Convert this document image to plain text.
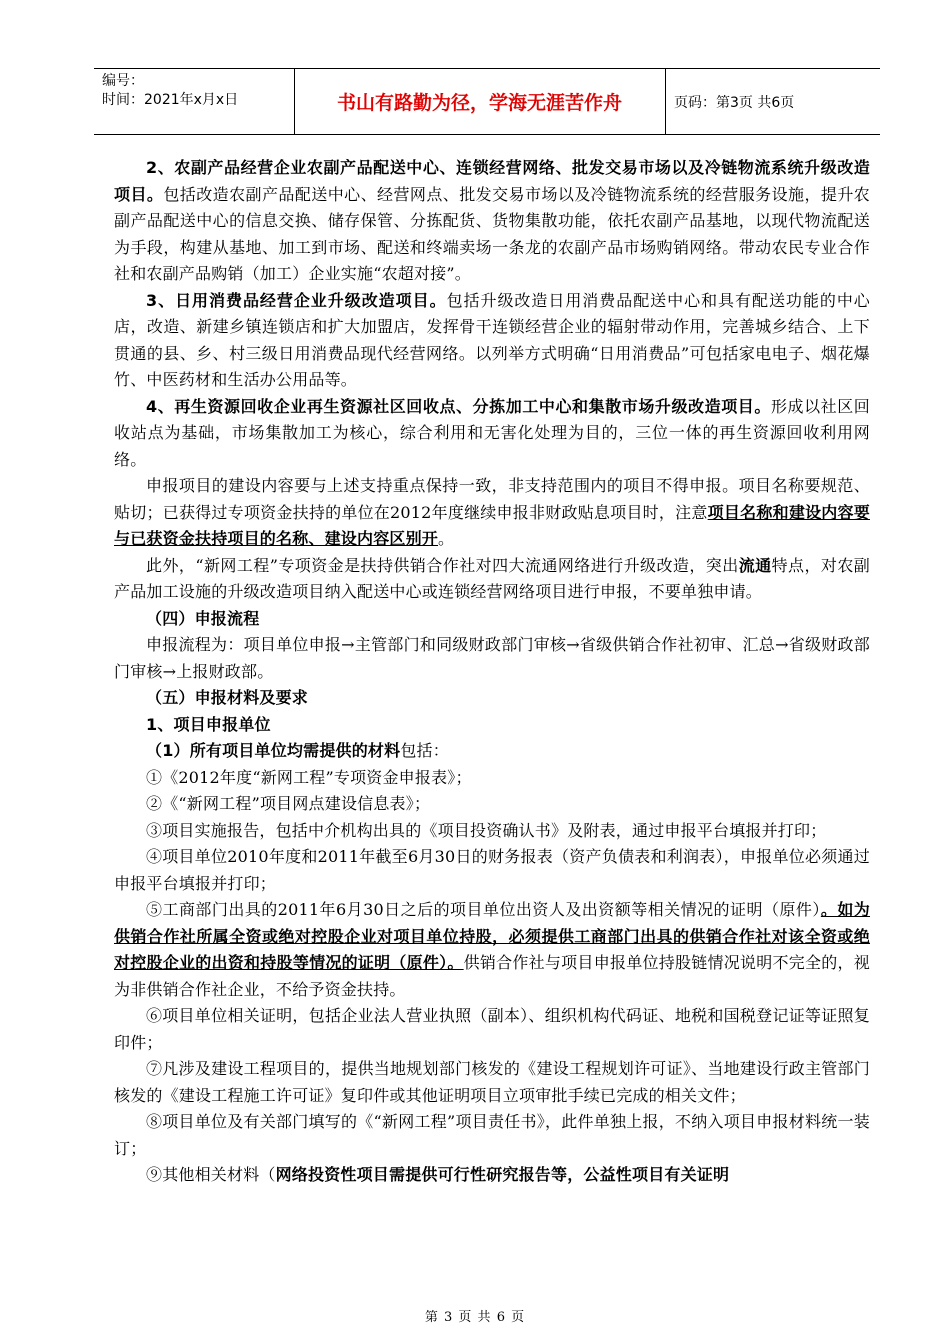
编号：
时间：2021年x月x日	书山有路勤为径，学海无涯苦作舟	页码：第3页 共6页

2、农副产品经营企业农副产品配送中心、连锁经营网络、批发交易市场以及冷链物流系统升级改造项目。包括改造农副产品配送中心、经营网点、批发交易市场以及冷链物流系统的经营服务设施，提升农副产品配送中心的信息交换、储存保管、分拣配货、货物集散功能，依托农副产品基地，以现代物流配送为手段，构建从基地、加工到市场、配送和终端卖场一条龙的农副产品市场购销网络。带动农民专业合作社和农副产品购销（加工）企业实施“农超对接”。

3、日用消费品经营企业升级改造项目。包括升级改造日用消费品配送中心和具有配送功能的中心店，改造、新建乡镇连锁店和扩大加盟店，发挥骨干连锁经营企业的辐射带动作用，完善城乡结合、上下贯通的县、乡、村三级日用消费品现代经营网络。以列举方式明确“日用消费品”可包括家电电子、烟花爆竹、中医药材和生活办公用品等。

4、再生资源回收企业再生资源社区回收点、分拣加工中心和集散市场升级改造项目。形成以社区回收站点为基础，市场集散加工为核心，综合利用和无害化处理为目的，三位一体的再生资源回收利用网络。

申报项目的建设内容要与上述支持重点保持一致，非支持范围内的项目不得申报。项目名称要规范、贴切；已获得过专项资金扶持的单位在2012年度继续申报非财政贴息项目时，注意项目名称和建设内容要与已获资金扶持项目的名称、建设内容区别开。

此外，“新网工程”专项资金是扶持供销合作社对四大流通网络进行升级改造，突出流通特点，对农副产品加工设施的升级改造项目纳入配送中心或连锁经营网络项目进行申报，不要单独申请。

（四）申报流程

申报流程为：项目单位申报→主管部门和同级财政部门审核→省级供销合作社初审、汇总→省级财政部门审核→上报财政部。

（五）申报材料及要求

1、项目申报单位

（1）所有项目单位均需提供的材料包括：

①《2012年度“新网工程”专项资金申报表》；

②《“新网工程”项目网点建设信息表》；

③项目实施报告，包括中介机构出具的《项目投资确认书》及附表，通过申报平台填报并打印；

④项目单位2010年度和2011年截至6月30日的财务报表（资产负债表和利润表），申报单位必须通过申报平台填报并打印；

⑤工商部门出具的2011年6月30日之后的项目单位出资人及出资额等相关情况的证明（原件）。如为供销合作社所属全资或绝对控股企业对项目单位持股，必须提供工商部门出具的供销合作社对该全资或绝对控股企业的出资和持股等情况的证明（原件）。供销合作社与项目申报单位持股链情况说明不完全的，视为非供销合作社企业，不给予资金扶持。

⑥项目单位相关证明，包括企业法人营业执照（副本）、组织机构代码证、地税和国税登记证等证照复印件；

⑦凡涉及建设工程项目的，提供当地规划部门核发的《建设工程规划许可证》、当地建设行政主管部门核发的《建设工程施工许可证》复印件或其他证明项目立项审批手续已完成的相关文件；

⑧项目单位及有关部门填写的《“新网工程”项目责任书》，此件单独上报，不纳入项目申报材料统一装订；

⑨其他相关材料（网络投资性项目需提供可行性研究报告等，公益性项目有关证明

第 3 页 共 6 页
